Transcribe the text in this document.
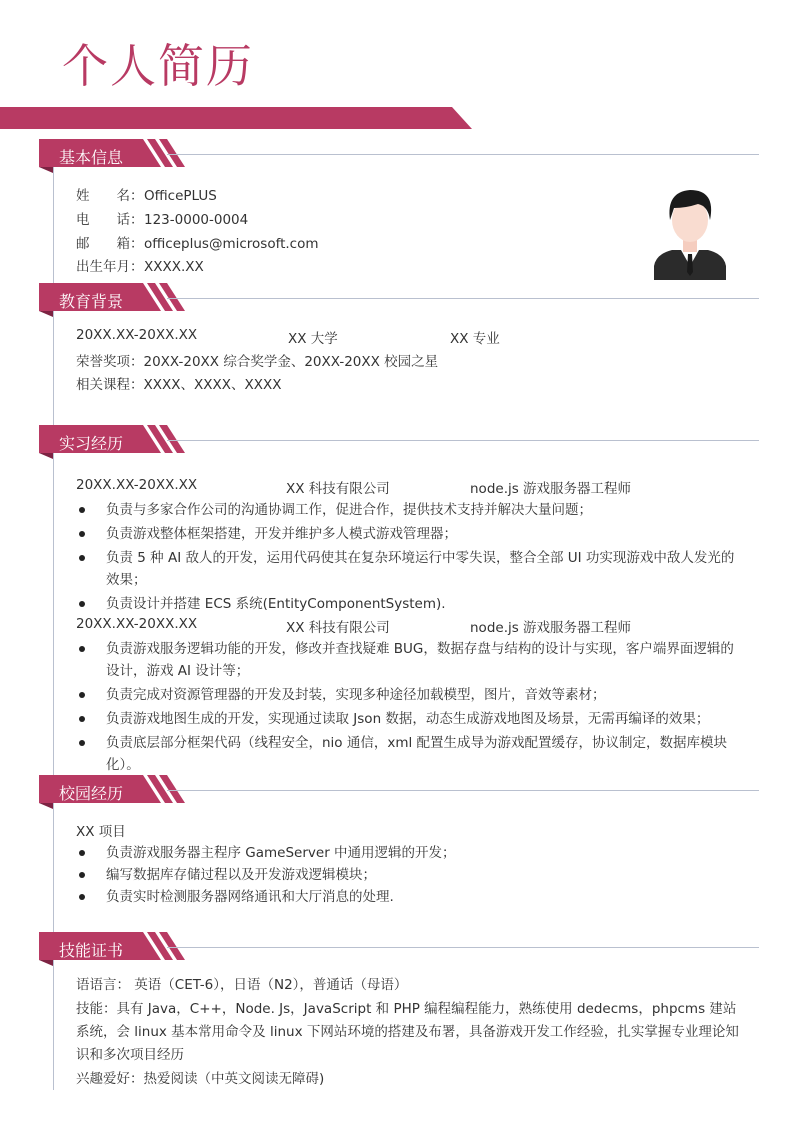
个人简历
基本信息
姓　　名：OfficePLUS
电　　话：123-0000-0004
邮　　箱：officeplus@microsoft.com
出生年月：XXXX.XX
教育背景
20XX.XX-20XX.XX	XX 大学	XX 专业
荣誉奖项：20XX-20XX 综合奖学金、20XX-20XX 校园之星
相关课程：XXXX、XXXX、XXXX
实习经历
20XX.XX-20XX.XX	XX 科技有限公司	node.js 游戏服务器工程师
负责与多家合作公司的沟通协调工作，促进合作，提供技术支持并解决大量问题；
负责游戏整体框架搭建，开发并维护多人模式游戏管理器；
负责 5 种 AI 敌人的开发，运用代码使其在复杂环境运行中零失误，整合全部 UI 功实现游戏中敌人发光的效果；
负责设计并搭建 ECS 系统(EntityComponentSystem).
20XX.XX-20XX.XX	XX 科技有限公司	node.js 游戏服务器工程师
负责游戏服务逻辑功能的开发，修改并查找疑难 BUG，数据存盘与结构的设计与实现，客户端界面逻辑的设计，游戏 AI 设计等；
负责完成对资源管理器的开发及封装，实现多种途径加载模型，图片，音效等素材；
负责游戏地图生成的开发，实现通过读取 Json 数据，动态生成游戏地图及场景，无需再编译的效果；
负责底层部分框架代码（线程安全，nio 通信，xml 配置生成导为游戏配置缓存，协议制定，数据库模块化）。
校园经历
XX 项目
负责游戏服务器主程序 GameServer 中通用逻辑的开发；
编写数据库存储过程以及开发游戏逻辑模块；
负责实时检测服务器网络通讯和大厅消息的处理.
技能证书
语语言： 英语（CET-6），日语（N2），普通话（母语）
技能：具有 Java，C++，Node. Js，JavaScript 和 PHP 编程编程能力，熟练使用 dedecms，phpcms 建站系统，会 linux 基本常用命令及 linux 下网站环境的搭建及布署，具备游戏开发工作经验，扎实掌握专业理论知识和多次项目经历
兴趣爱好：热爱阅读（中英文阅读无障碍)
